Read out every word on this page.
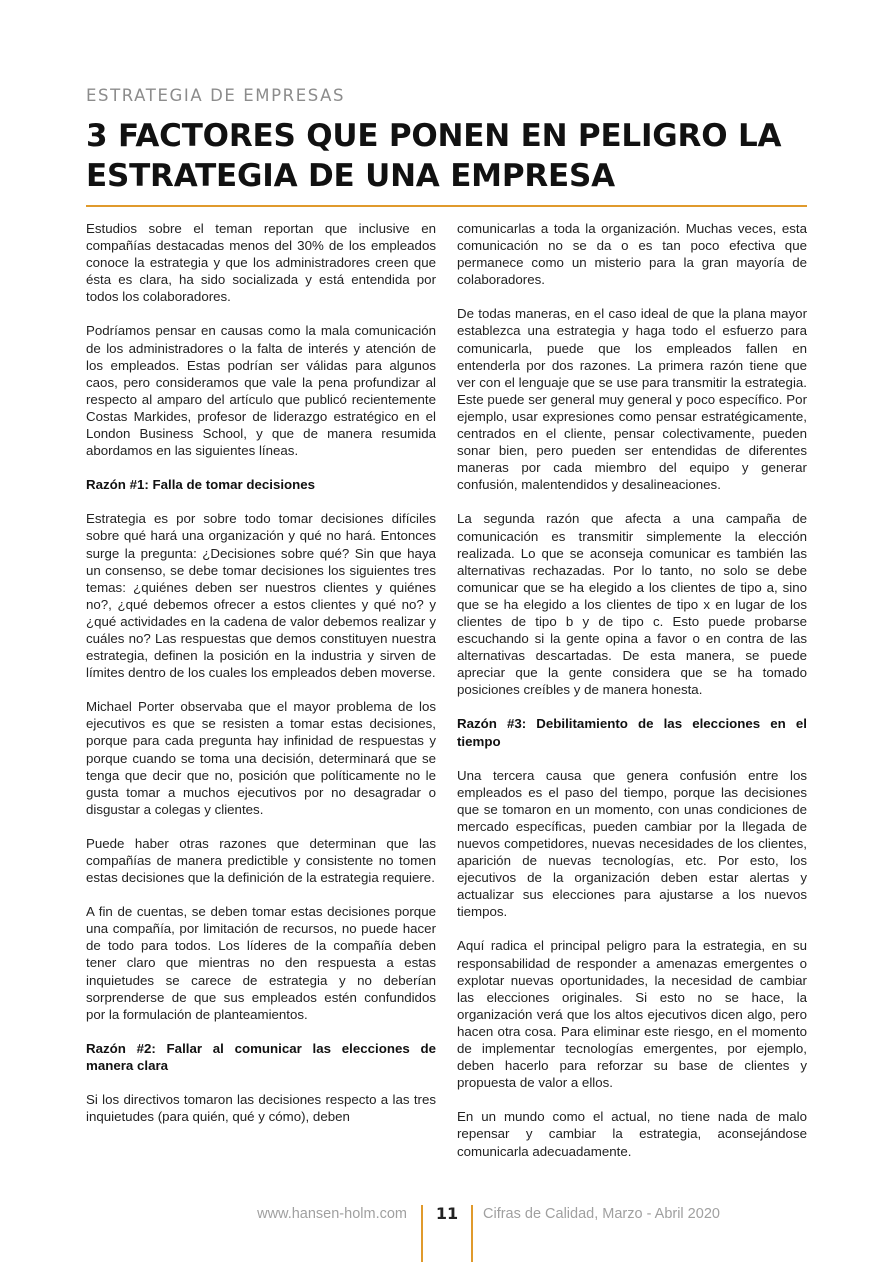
ESTRATEGIA DE EMPRESAS
3 FACTORES QUE PONEN EN PELIGRO LA
ESTRATEGIA DE UNA EMPRESA

Estudios sobre el teman reportan que inclusive en compañías destacadas menos del 30% de los empleados conoce la estrategia y que los administradores creen que ésta es clara, ha sido socializada y está entendida por todos los colaboradores.

Podríamos pensar en causas como la mala comunicación de los administradores o la falta de interés y atención de los empleados. Estas podrían ser válidas para algunos caos, pero consideramos que vale la pena profundizar al respecto al amparo del artículo que publicó recientemente Costas Markides, profesor de liderazgo estratégico en el London Business School, y que de manera resumida abordamos en las siguientes líneas.

Razón #1: Falla de tomar decisiones

Estrategia es por sobre todo tomar decisiones difíciles sobre qué hará una organización y qué no hará. Entonces surge la pregunta: ¿Decisiones sobre qué? Sin que haya un consenso, se debe tomar decisiones los siguientes tres temas: ¿quiénes deben ser nuestros clientes y quiénes no?, ¿qué debemos ofrecer a estos clientes y qué no? y ¿qué actividades en la cadena de valor debemos realizar y cuáles no? Las respuestas que demos constituyen nuestra estrategia, definen la posición en la industria y sirven de límites dentro de los cuales los empleados deben moverse.

Michael Porter observaba que el mayor problema de los ejecutivos es que se resisten a tomar estas decisiones, porque para cada pregunta hay infinidad de respuestas y porque cuando se toma una decisión, determinará que se tenga que decir que no, posición que políticamente no le gusta tomar a muchos ejecutivos por no desagradar o disgustar a colegas y clientes.

Puede haber otras razones que determinan que las compañías de manera predictible y consistente no tomen estas decisiones que la definición de la estrategia requiere.

A fin de cuentas, se deben tomar estas decisiones porque una compañía, por limitación de recursos, no puede hacer de todo para todos. Los líderes de la compañía deben tener claro que mientras no den respuesta a estas inquietudes se carece de estrategia y no deberían sorprenderse de que sus empleados estén confundidos por la formulación de planteamientos.

Razón #2: Fallar al comunicar las elecciones de manera clara

Si los directivos tomaron las decisiones respecto a las tres inquietudes (para quién, qué y cómo), deben

comunicarlas a toda la organización. Muchas veces, esta comunicación no se da o es tan poco efectiva que permanece como un misterio para la gran mayoría de colaboradores.

De todas maneras, en el caso ideal de que la plana mayor establezca una estrategia y haga todo el esfuerzo para comunicarla, puede que los empleados fallen en entenderla por dos razones. La primera razón tiene que ver con el lenguaje que se use para transmitir la estrategia. Este puede ser general muy general y poco específico. Por ejemplo, usar expresiones como pensar estratégicamente, centrados en el cliente, pensar colectivamente, pueden sonar bien, pero pueden ser entendidas de diferentes maneras por cada miembro del equipo y generar confusión, malentendidos y desalineaciones.

La segunda razón que afecta a una campaña de comunicación es transmitir simplemente la elección realizada. Lo que se aconseja comunicar es también las alternativas rechazadas. Por lo tanto, no solo se debe comunicar que se ha elegido a los clientes de tipo a, sino que se ha elegido a los clientes de tipo x en lugar de los clientes de tipo b y de tipo c. Esto puede probarse escuchando si la gente opina a favor o en contra de las alternativas descartadas. De esta manera, se puede apreciar que la gente considera que se ha tomado posiciones creíbles y de manera honesta.

Razón #3: Debilitamiento de las elecciones en el tiempo

Una tercera causa que genera confusión entre los empleados es el paso del tiempo, porque las decisiones que se tomaron en un momento, con unas condiciones de mercado específicas, pueden cambiar por la llegada de nuevos competidores, nuevas necesidades de los clientes, aparición de nuevas tecnologías, etc. Por esto, los ejecutivos de la organización deben estar alertas y actualizar sus elecciones para ajustarse a los nuevos tiempos.

Aquí radica el principal peligro para la estrategia, en su responsabilidad de responder a amenazas emergentes o explotar nuevas oportunidades, la necesidad de cambiar las elecciones originales. Si esto no se hace, la organización verá que los altos ejecutivos dicen algo, pero hacen otra cosa. Para eliminar este riesgo, en el momento de implementar tecnologías emergentes, por ejemplo, deben hacerlo para reforzar su base de clientes y propuesta de valor a ellos.

En un mundo como el actual, no tiene nada de malo repensar y cambiar la estrategia, aconsejándose comunicarla adecuadamente.

www.hansen-holm.com 11 Cifras de Calidad, Marzo - Abril 2020
